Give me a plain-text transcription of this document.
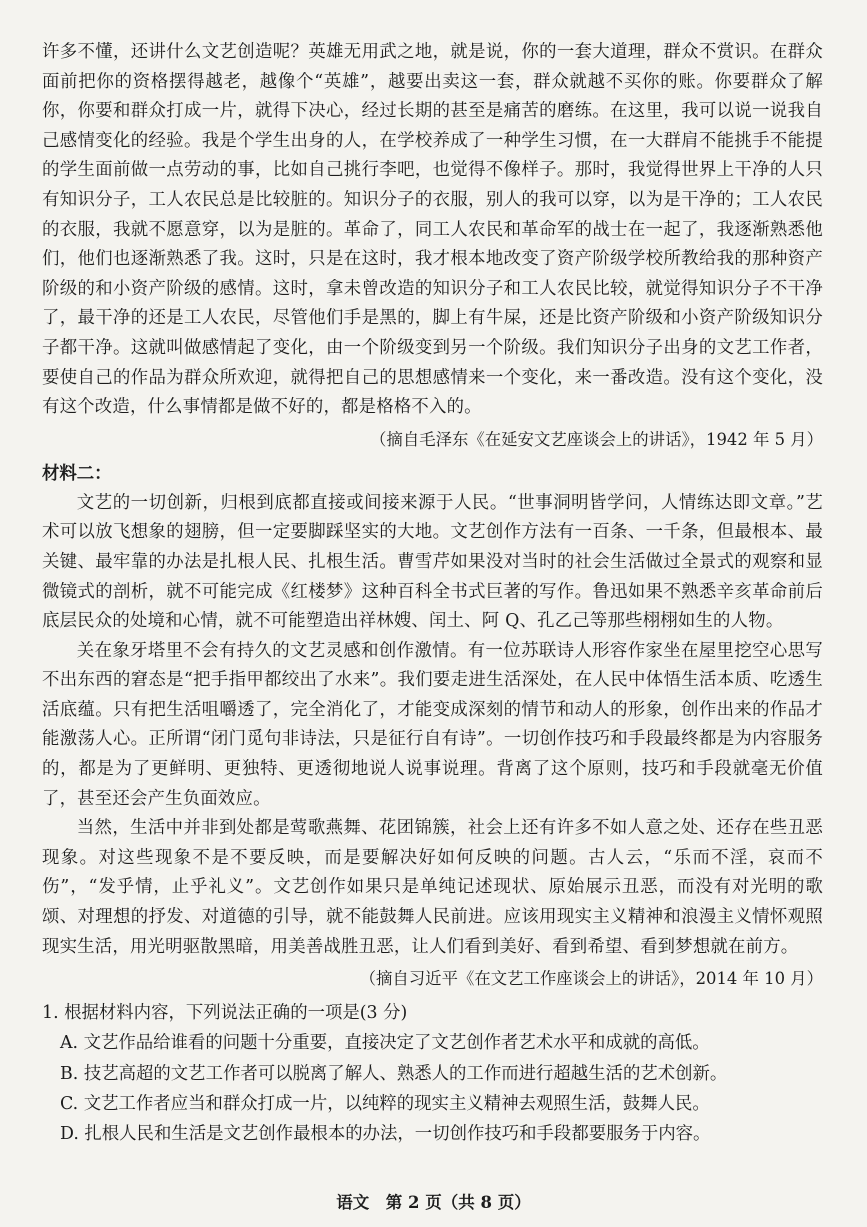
许多不懂，还讲什么文艺创造呢？英雄无用武之地，就是说，你的一套大道理，群众不赏识。在群众面前把你的资格摆得越老，越像个“英雄”，越要出卖这一套，群众就越不买你的账。你要群众了解你，你要和群众打成一片，就得下决心，经过长期的甚至是痛苦的磨练。在这里，我可以说一说我自己感情变化的经验。我是个学生出身的人，在学校养成了一种学生习惯，在一大群肩不能挑手不能提的学生面前做一点劳动的事，比如自己挑行李吧，也觉得不像样子。那时，我觉得世界上干净的人只有知识分子，工人农民总是比较脏的。知识分子的衣服，别人的我可以穿，以为是干净的；工人农民的衣服，我就不愿意穿，以为是脏的。革命了，同工人农民和革命军的战士在一起了，我逐渐熟悉他们，他们也逐渐熟悉了我。这时，只是在这时，我才根本地改变了资产阶级学校所教给我的那种资产阶级的和小资产阶级的感情。这时，拿未曾改造的知识分子和工人农民比较，就觉得知识分子不干净了，最干净的还是工人农民，尽管他们手是黑的，脚上有牛屎，还是比资产阶级和小资产阶级知识分子都干净。这就叫做感情起了变化，由一个阶级变到另一个阶级。我们知识分子出身的文艺工作者，要使自己的作品为群众所欢迎，就得把自己的思想感情来一个变化，来一番改造。没有这个变化，没有这个改造，什么事情都是做不好的，都是格格不入的。

（摘自毛泽东《在延安文艺座谈会上的讲话》，1942 年 5 月）
材料二：

文艺的一切创新，归根到底都直接或间接来源于人民。“世事洞明皆学问，人情练达即文章。”艺术可以放飞想象的翅膀，但一定要脚踩坚实的大地。文艺创作方法有一百条、一千条，但最根本、最关键、最牢靠的办法是扎根人民、扎根生活。曹雪芹如果没对当时的社会生活做过全景式的观察和显微镜式的剖析，就不可能完成《红楼梦》这种百科全书式巨著的写作。鲁迅如果不熟悉辛亥革命前后底层民众的处境和心情，就不可能塑造出祥林嫂、闰土、阿 Q、孔乙己等那些栩栩如生的人物。

关在象牙塔里不会有持久的文艺灵感和创作激情。有一位苏联诗人形容作家坐在屋里挖空心思写不出东西的窘态是“把手指甲都绞出了水来”。我们要走进生活深处，在人民中体悟生活本质、吃透生活底蕴。只有把生活咀嚼透了，完全消化了，才能变成深刻的情节和动人的形象，创作出来的作品才能激荡人心。正所谓“闭门觅句非诗法，只是征行自有诗”。一切创作技巧和手段最终都是为内容服务的，都是为了更鲜明、更独特、更透彻地说人说事说理。背离了这个原则，技巧和手段就毫无价值了，甚至还会产生负面效应。

当然，生活中并非到处都是莺歌燕舞、花团锦簇，社会上还有许多不如人意之处、还存在些丑恶现象。对这些现象不是不要反映，而是要解决好如何反映的问题。古人云，“乐而不淫，哀而不伤”，“发乎情，止乎礼义”。文艺创作如果只是单纯记述现状、原始展示丑恶，而没有对光明的歌颂、对理想的抒发、对道德的引导，就不能鼓舞人民前进。应该用现实主义精神和浪漫主义情怀观照现实生活，用光明驱散黑暗，用美善战胜丑恶，让人们看到美好、看到希望、看到梦想就在前方。

（摘自习近平《在文艺工作座谈会上的讲话》，2014 年 10 月）
1. 根据材料内容，下列说法正确的一项是(3 分)
A. 文艺作品给谁看的问题十分重要，直接决定了文艺创作者艺术水平和成就的高低。
B. 技艺高超的文艺工作者可以脱离了解人、熟悉人的工作而进行超越生活的艺术创新。
C. 文艺工作者应当和群众打成一片，以纯粹的现实主义精神去观照生活，鼓舞人民。
D. 扎根人民和生活是文艺创作最根本的办法，一切创作技巧和手段都要服务于内容。
语文　第 2 页（共 8 页）
